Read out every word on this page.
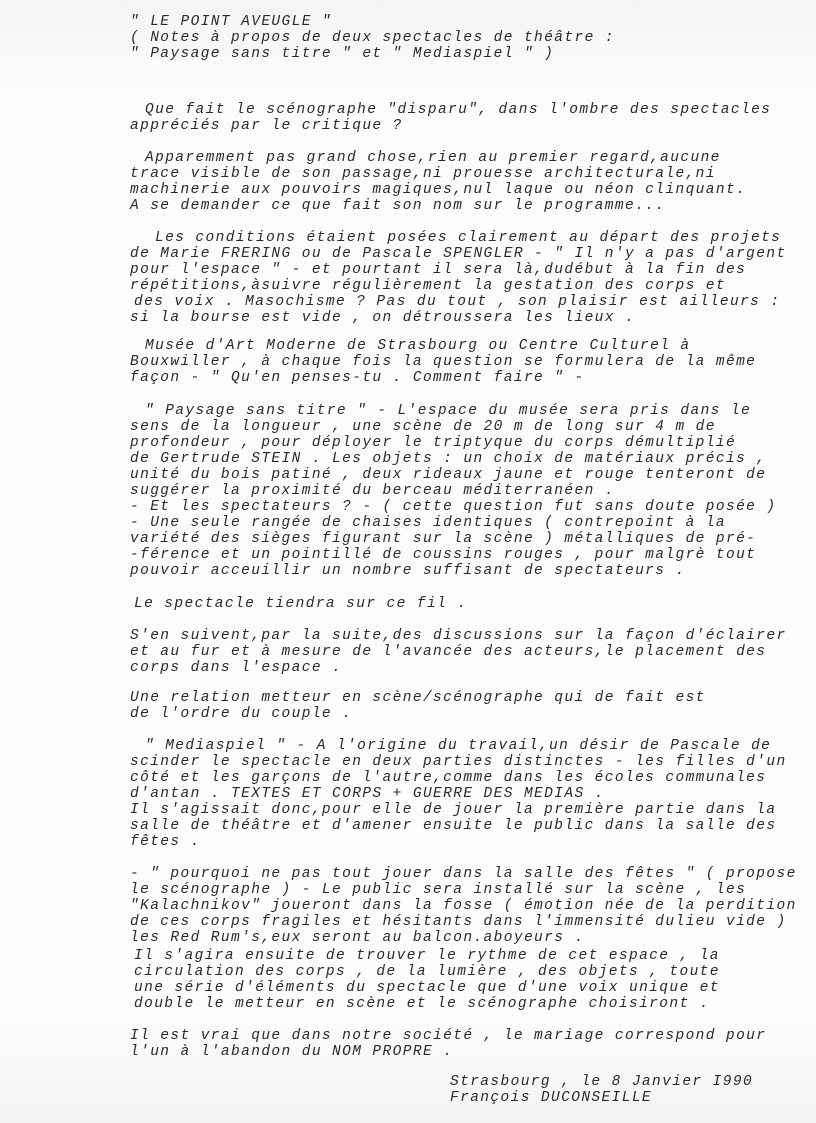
" LE POINT AVEUGLE "
( Notes à propos de deux spectacles de théâtre :
" Paysage sans titre " et " Mediaspiel " )
Que fait le scénographe "disparu", dans l'ombre des spectacles
appréciés par le critique ?
Apparemment pas grand chose,rien au premier regard,aucune
trace visible de son passage,ni prouesse architecturale,ni
machinerie aux pouvoirs magiques,nul laque ou néon clinquant.
A se demander ce que fait son nom sur le programme...
Les conditions étaient posées clairement au départ des projets
de Marie FRERING ou de Pascale SPENGLER - " Il n'y a pas d'argent
pour l'espace " - et pourtant il sera là,dudébut à la fin des
répétitions,àsuivre régulièrement la gestation des corps et
des voix . Masochisme ? Pas du tout , son plaisir est ailleurs :
si la bourse est vide , on détroussera les lieux .
Musée d'Art Moderne de Strasbourg ou Centre Culturel à
Bouxwiller , à chaque fois la question se formulera de la même
façon - " Qu'en penses-tu . Comment faire " -
" Paysage sans titre " - L'espace du musée sera pris dans le
sens de la longueur , une scène de 20 m de long sur 4 m de
profondeur , pour déployer le triptyque du corps démultiplié
de Gertrude STEIN . Les objets : un choix de matériaux précis ,
unité du bois patiné , deux rideaux jaune et rouge tenteront de
suggérer la proximité du berceau méditerranéen .
- Et les spectateurs ? - ( cette question fut sans doute posée )
- Une seule rangée de chaises identiques ( contrepoint à la
variété des sièges figurant sur la scène ) métalliques de pré-
-férence et un pointillé de coussins rouges , pour malgrè tout
pouvoir acceuillir un nombre suffisant de spectateurs .
Le spectacle tiendra sur ce fil .
S'en suivent,par la suite,des discussions sur la façon d'éclairer
et au fur et à mesure de l'avancée des acteurs,le placement des
corps dans l'espace .
Une relation metteur en scène/scénographe qui de fait est
de l'ordre du couple .
" Mediaspiel " - A l'origine du travail,un désir de Pascale de
scinder le spectacle en deux parties distinctes - les filles d'un
côté et les garçons de l'autre,comme dans les écoles communales
d'antan . TEXTES ET CORPS + GUERRE DES MEDIAS .
Il s'agissait donc,pour elle de jouer la première partie dans la
salle de théâtre et d'amener ensuite le public dans la salle des
fêtes .
- " pourquoi ne pas tout jouer dans la salle des fêtes " ( propose
le scénographe ) - Le public sera installé sur la scène , les
"Kalachnikov" joueront dans la fosse ( émotion née de la perdition
de ces corps fragiles et hésitants dans l'immensité dulieu vide )
les Red Rum's,eux seront au balcon.aboyeurs .
Il s'agira ensuite de trouver le rythme de cet espace , la
circulation des corps , de la lumière , des objets , toute
une série d'éléments du spectacle que d'une voix unique et
double le metteur en scène et le scénographe choisiront .
Il est vrai que dans notre société , le mariage correspond pour
l'un à l'abandon du NOM PROPRE .
Strasbourg , le 8 Janvier I990
François DUCONSEILLE
